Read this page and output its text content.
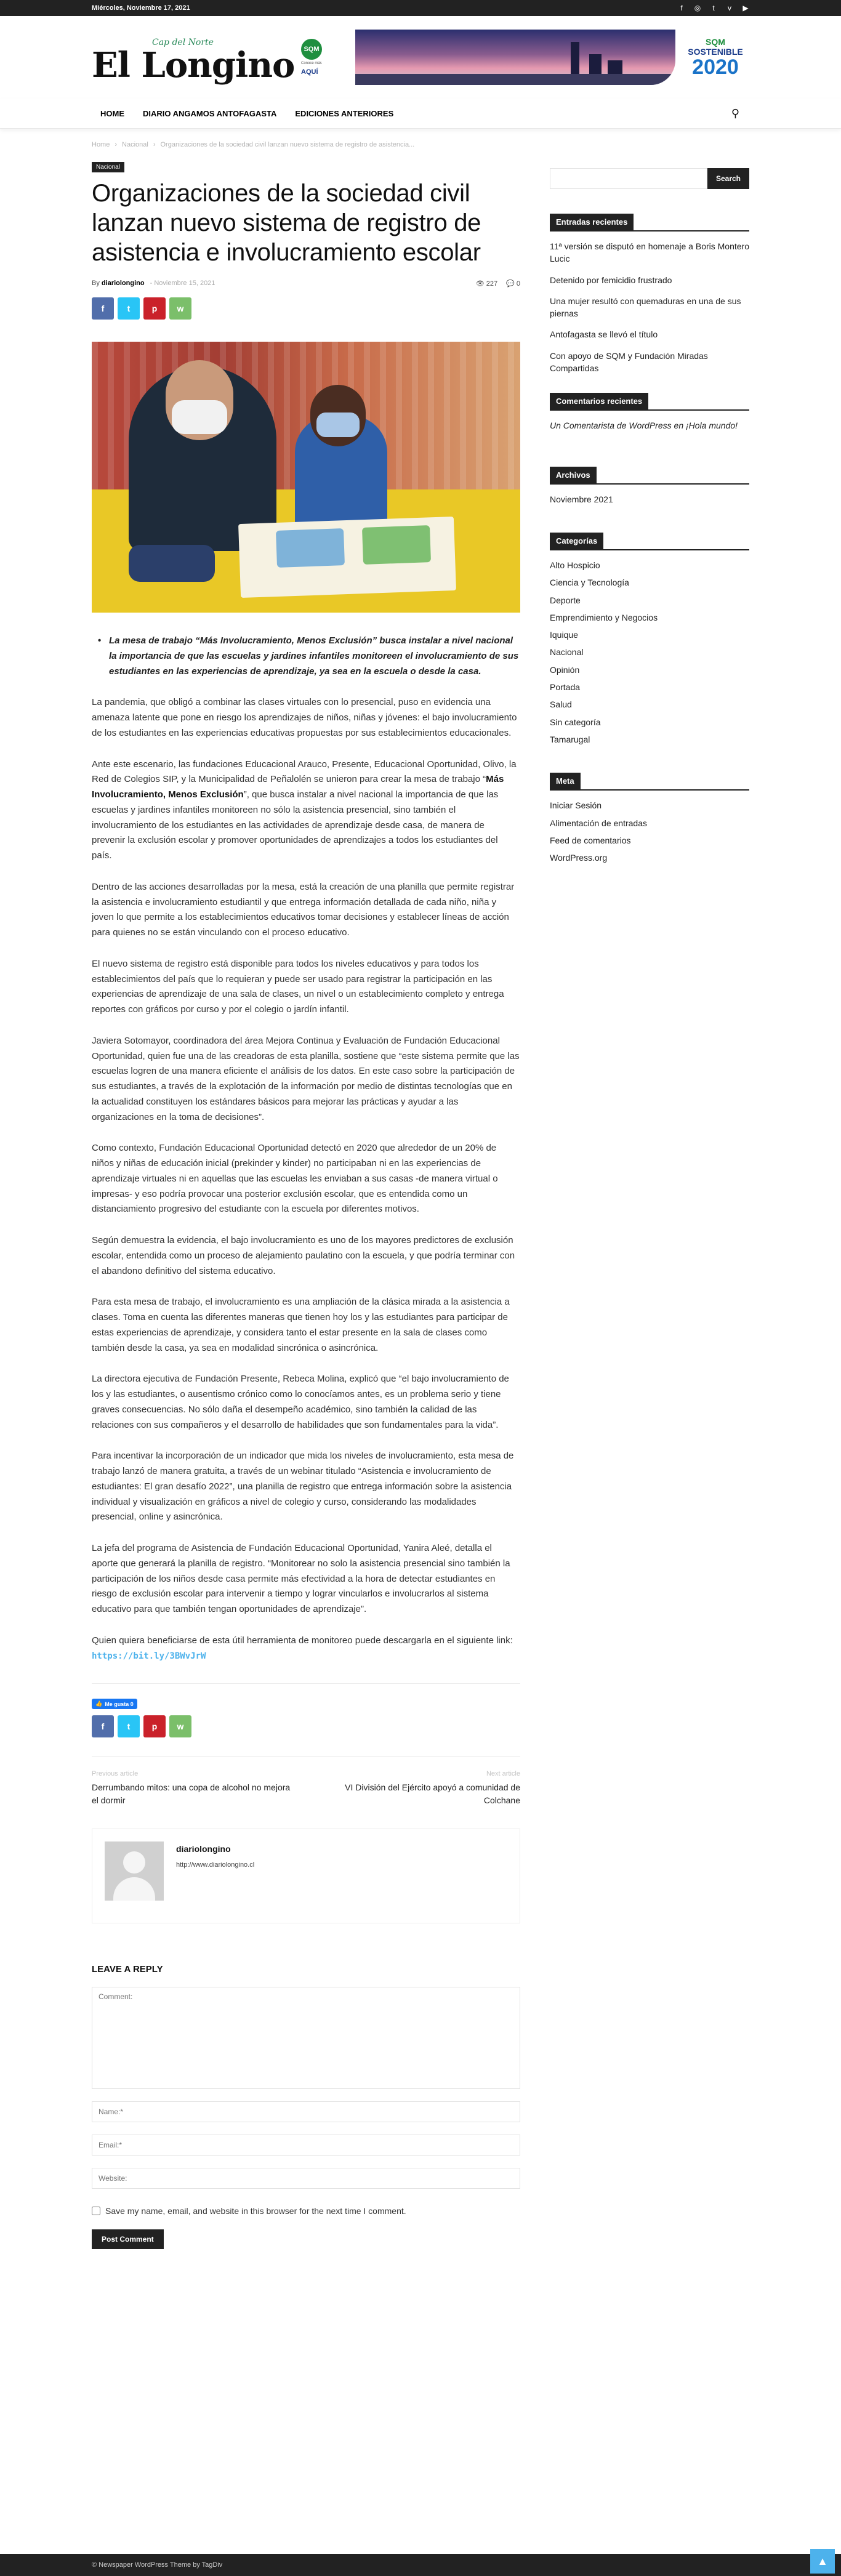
Miércoles, Noviembre 17, 2021	f	◎	t	v ▶
Cap del Norte
El Longino	SQM
Conoce más
AQUÍ
SQM
SOSTENIBLE
2020
HOME DIARIO ANGAMOS ANTOFAGASTA EDICIONES ANTERIORES	⚲
Home › Nacional › Organizaciones de la sociedad civil lanzan nuevo sistema de registro de asistencia...
Nacional
Organizaciones de la sociedad civil lanzan nuevo sistema de registro de asistencia e involucramiento escolar
By diariolongino - Noviembre 15, 2021	👁 227 💬 0
f	t	p	w
• La mesa de trabajo “Más Involucramiento, Menos Exclusión” busca instalar a nivel nacional la importancia de que las escuelas y jardines infantiles monitoreen el involucramiento de sus estudiantes en las experiencias de aprendizaje, ya sea en la escuela o desde la casa.

La pandemia, que obligó a combinar las clases virtuales con lo presencial, puso en evidencia una amenaza latente que pone en riesgo los aprendizajes de niños, niñas y jóvenes: el bajo involucramiento de los estudiantes en las experiencias educativas propuestas por sus establecimientos educacionales.

Ante este escenario, las fundaciones Educacional Arauco, Presente, Educacional Oportunidad, Olivo, la Red de Colegios SIP, y la Municipalidad de Peñalolén se unieron para crear la mesa de trabajo “Más Involucramiento, Menos Exclusión”, que busca instalar a nivel nacional la importancia de que las escuelas y jardines infantiles monitoreen no sólo la asistencia presencial, sino también el involucramiento de los estudiantes en las actividades de aprendizaje desde casa, de manera de prevenir la exclusión escolar y promover oportunidades de aprendizajes a todos los estudiantes del país.

Dentro de las acciones desarrolladas por la mesa, está la creación de una planilla que permite registrar la asistencia e involucramiento estudiantil y que entrega información detallada de cada niño, niña y joven lo que permite a los establecimientos educativos tomar decisiones y establecer líneas de acción para quienes no se están vinculando con el proceso educativo.

El nuevo sistema de registro está disponible para todos los niveles educativos y para todos los establecimientos del país que lo requieran y puede ser usado para registrar la participación en las experiencias de aprendizaje de una sala de clases, un nivel o un establecimiento completo y entrega reportes con gráficos por curso y por el colegio o jardín infantil.

Javiera Sotomayor, coordinadora del área Mejora Continua y Evaluación de Fundación Educacional Oportunidad, quien fue una de las creadoras de esta planilla, sostiene que “este sistema permite que las escuelas logren de una manera eficiente el análisis de los datos. En este caso sobre la participación de sus estudiantes, a través de la explotación de la información por medio de distintas tecnologías que en la actualidad constituyen los estándares básicos para mejorar las prácticas y ayudar a las organizaciones en la toma de decisiones”.

Como contexto, Fundación Educacional Oportunidad detectó en 2020 que alrededor de un 20% de niños y niñas de educación inicial (prekinder y kinder) no participaban ni en las experiencias de aprendizaje virtuales ni en aquellas que las escuelas les enviaban a sus casas -de manera virtual o impresas- y eso podría provocar una posterior exclusión escolar, que es entendida como un distanciamiento progresivo del estudiante con la escuela por diferentes motivos.

Según demuestra la evidencia, el bajo involucramiento es uno de los mayores predictores de exclusión escolar, entendida como un proceso de alejamiento paulatino con la escuela, y que podría terminar con el abandono definitivo del sistema educativo.

Para esta mesa de trabajo, el involucramiento es una ampliación de la clásica mirada a la asistencia a clases. Toma en cuenta las diferentes maneras que tienen hoy los y las estudiantes para participar de estas experiencias de aprendizaje, y considera tanto el estar presente en la sala de clases como también desde la casa, ya sea en modalidad sincrónica o asincrónica.

La directora ejecutiva de Fundación Presente, Rebeca Molina, explicó que “el bajo involucramiento de los y las estudiantes, o ausentismo crónico como lo conocíamos antes, es un problema serio y tiene graves consecuencias. No sólo daña el desempeño académico, sino también la calidad de las relaciones con sus compañeros y el desarrollo de habilidades que son fundamentales para la vida”.

Para incentivar la incorporación de un indicador que mida los niveles de involucramiento, esta mesa de trabajo lanzó de manera gratuita, a través de un webinar titulado “Asistencia e involucramiento de estudiantes: El gran desafío 2022”, una planilla de registro que entrega información sobre la asistencia individual y visualización en gráficos a nivel de colegio y curso, considerando las modalidades presencial, online y asincrónica.

La jefa del programa de Asistencia de Fundación Educacional Oportunidad, Yanira Aleé, detalla el aporte que generará la planilla de registro. “Monitorear no solo la asistencia presencial sino también la participación de los niños desde casa permite más efectividad a la hora de detectar estudiantes en riesgo de exclusión escolar para intervenir a tiempo y lograr vincularlos e involucrarlos al sistema educativo para que también tengan oportunidades de aprendizaje”.

Quien quiera beneficiarse de esta útil herramienta de monitoreo puede descargarla en el siguiente link: https://bit.ly/3BWvJrW

👍 Me gusta 0
f	t	p	w
Previous article
Derrumbando mitos: una copa de alcohol no mejora el dormir
Next article
VI División del Ejército apoyó a comunidad de Colchane
diariolongino
http://www.diariolongino.cl
LEAVE A REPLY
Comment:
Name:*
Email:*
Website:
Save my name, email, and website in this browser for the next time I comment.
Post Comment
Search
Entradas recientes
11ª versión se disputó en homenaje a Boris Montero Lucic
Detenido por femicidio frustrado
Una mujer resultó con quemaduras en una de sus piernas
Antofagasta se llevó el título
Con apoyo de SQM y Fundación Miradas Compartidas
Comentarios recientes
Un Comentarista de WordPress en ¡Hola mundo!
Archivos
Noviembre 2021
Categorías
Alto Hospicio
Ciencia y Tecnología
Deporte
Emprendimiento y Negocios
Iquique
Nacional
Opinión
Portada
Salud
Sin categoría
Tamarugal
Meta
Iniciar Sesión
Alimentación de entradas
Feed de comentarios
WordPress.org
© Newspaper WordPress Theme by TagDiv	▲
